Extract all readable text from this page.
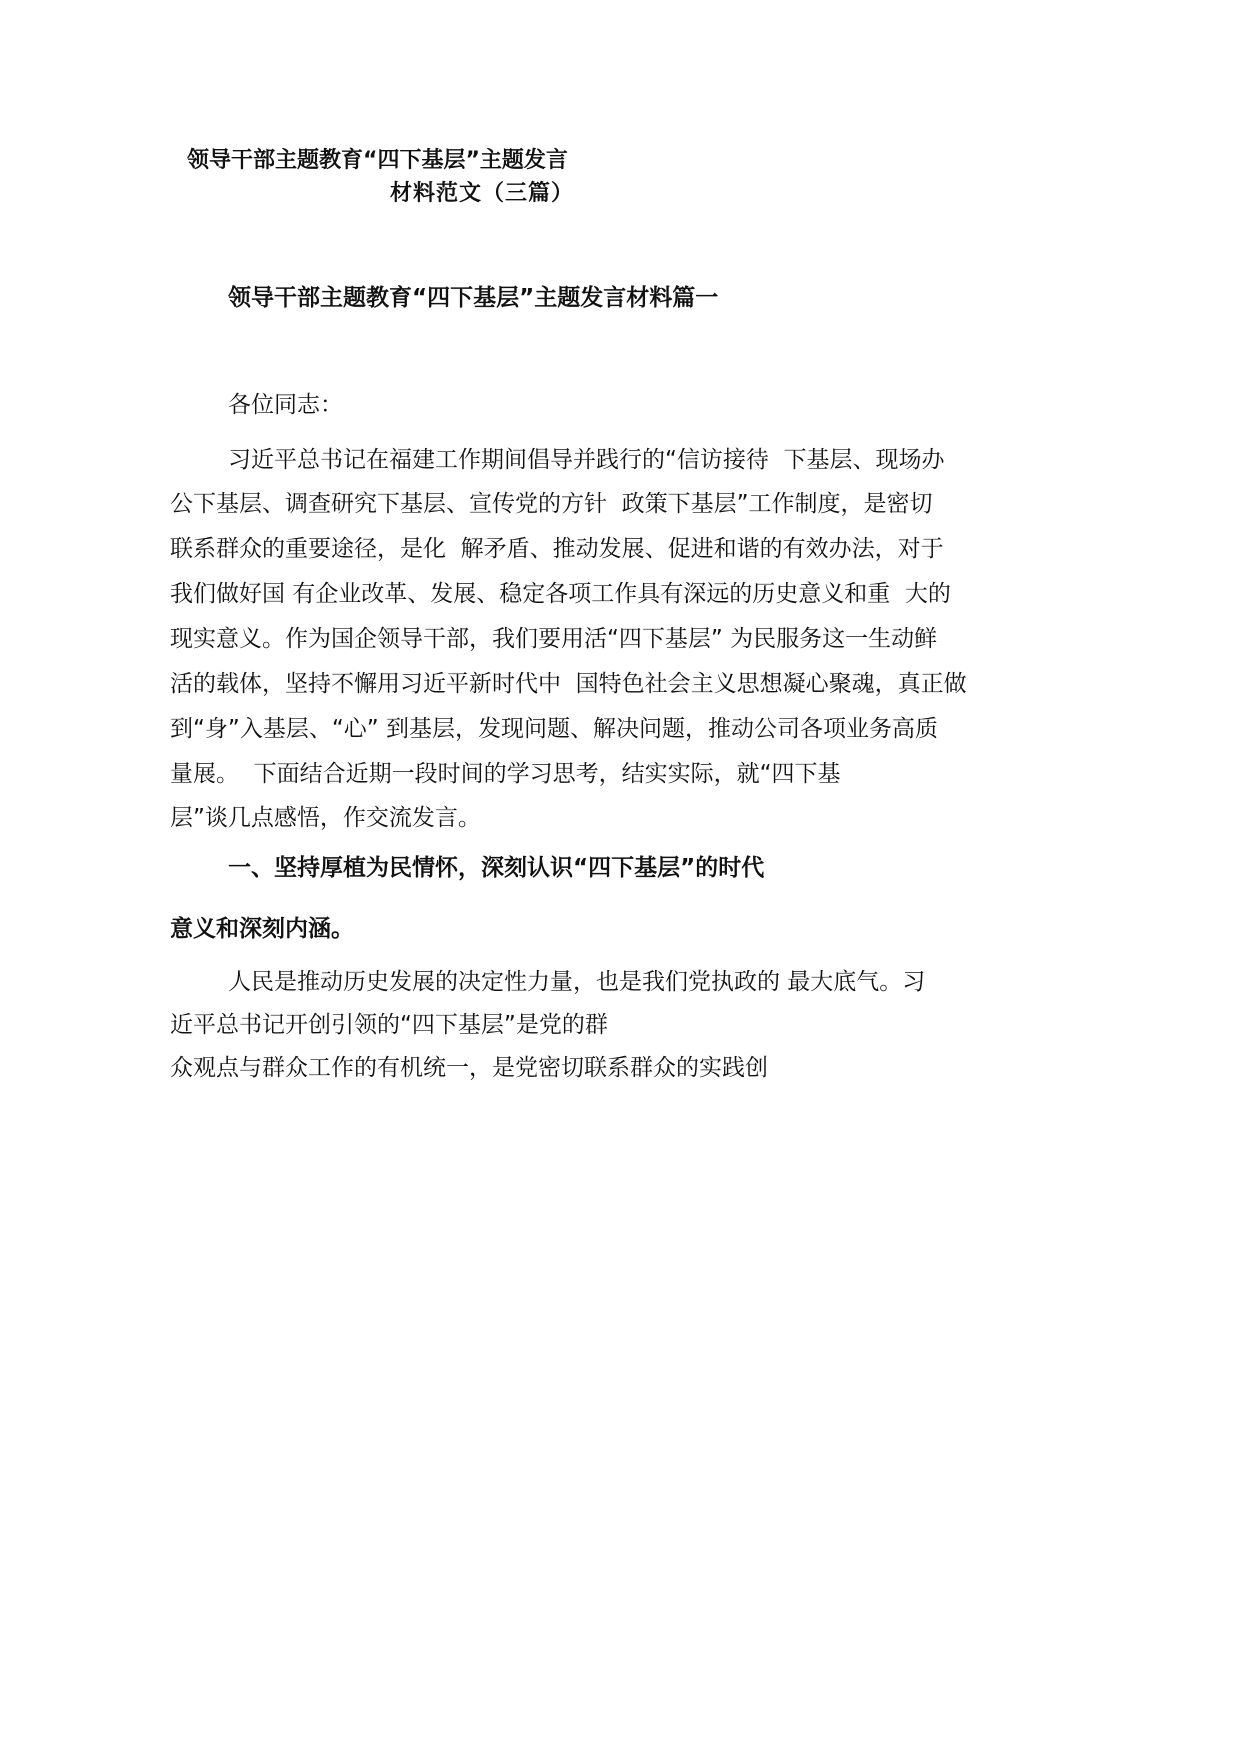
领导干部主题教育“四下基层”主题发言
材料范文（三篇）
领导干部主题教育“四下基层”主题发言材料篇一
各位同志：
习近平总书记在福建工作期间倡导并践行的“信访接待  下基层、现场办
公下基层、调查研究下基层、宣传党的方针  政策下基层”工作制度，是密切
联系群众的重要途径，是化  解矛盾、推动发展、促进和谐的有效办法，对于
我们做好国 有企业改革、发展、稳定各项工作具有深远的历史意义和重  大的
现实意义。作为国企领导干部，我们要用活“四下基层” 为民服务这一生动鲜
活的载体，坚持不懈用习近平新时代中  国特色社会主义思想凝心聚魂，真正做
到“身”入基层、“心” 到基层，发现问题、解决问题，推动公司各项业务高质
量展。  下面结合近期一段时间的学习思考，结实实际，就“四下基
层”谈几点感悟，作交流发言。
一、坚持厚植为民情怀，深刻认识“四下基层”的时代
意义和深刻内涵。
人民是推动历史发展的决定性力量，也是我们党执政的 最大底气。习
近平总书记开创引领的“四下基层”是党的群
众观点与群众工作的有机统一，是党密切联系群众的实践创
